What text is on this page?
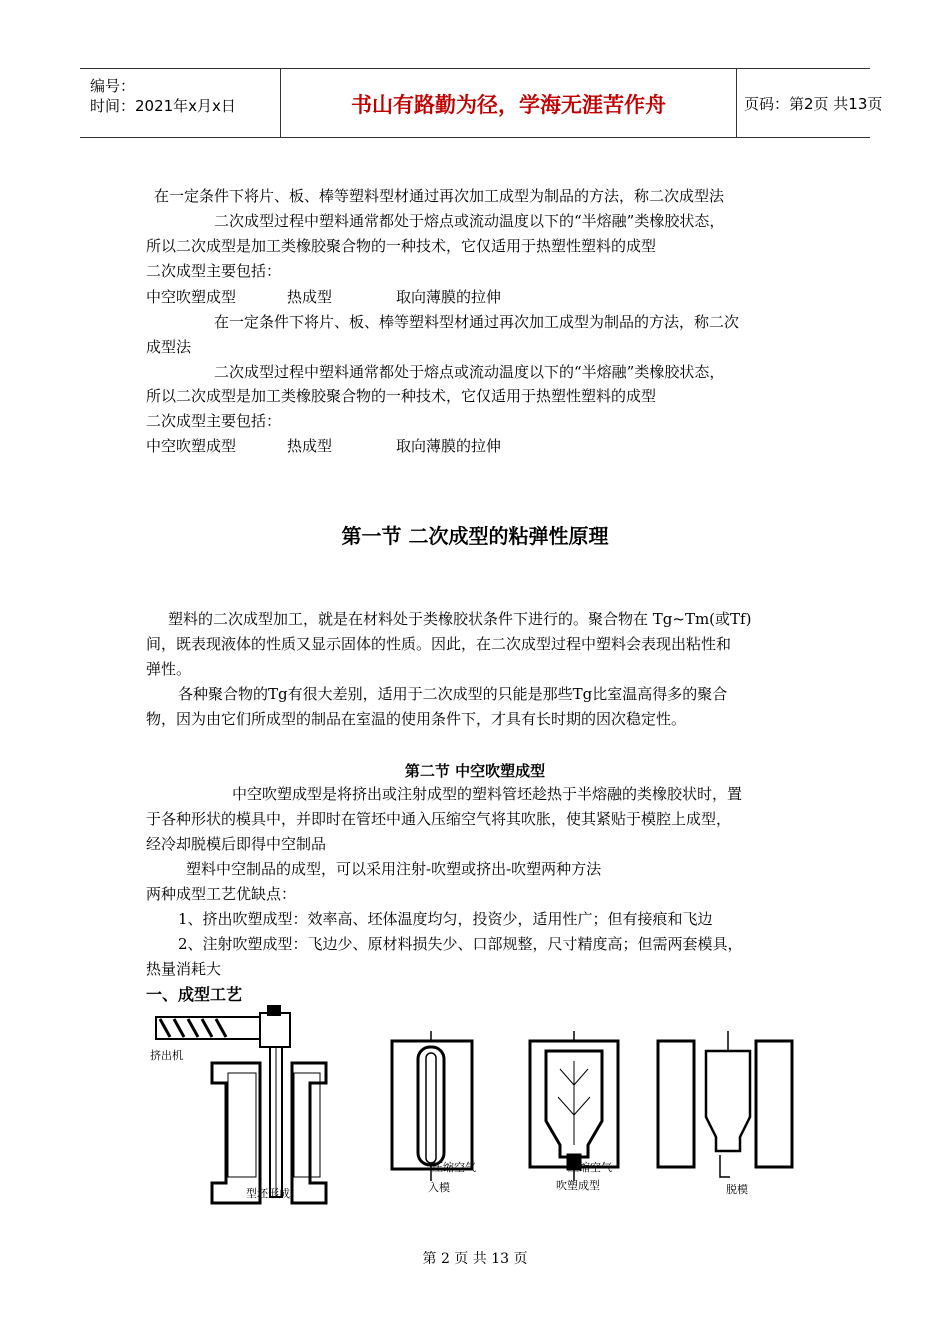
编号：
时间：2021年x月x日	书山有路勤为径，学海无涯苦作舟	页码：第2页 共13页
在一定条件下将片、板、棒等塑料型材通过再次加工成型为制品的方法，称二次成型法
二次成型过程中塑料通常都处于熔点或流动温度以下的“半熔融”类橡胶状态，
所以二次成型是加工类橡胶聚合物的一种技术，它仅适用于热塑性塑料的成型
二次成型主要包括：
中空吹塑成型	热成型	取向薄膜的拉伸
在一定条件下将片、板、棒等塑料型材通过再次加工成型为制品的方法，称二次
成型法
二次成型过程中塑料通常都处于熔点或流动温度以下的“半熔融”类橡胶状态，
所以二次成型是加工类橡胶聚合物的一种技术，它仅适用于热塑性塑料的成型
二次成型主要包括：
中空吹塑成型	热成型	取向薄膜的拉伸
第一节 二次成型的粘弹性原理
塑料的二次成型加工，就是在材料处于类橡胶状条件下进行的。聚合物在 Tg~Tm(或Tf)
间，既表现液体的性质又显示固体的性质。因此，在二次成型过程中塑料会表现出粘性和
弹性。
各种聚合物的Tg有很大差别，适用于二次成型的只能是那些Tg比室温高得多的聚合
物，因为由它们所成型的制品在室温的使用条件下，才具有长时期的因次稳定性。
第二节 中空吹塑成型
中空吹塑成型是将挤出或注射成型的塑料管坯趁热于半熔融的类橡胶状时，置
于各种形状的模具中，并即时在管坯中通入压缩空气将其吹胀，使其紧贴于模腔上成型，
经冷却脱模后即得中空制品
塑料中空制品的成型，可以采用注射-吹塑或挤出-吹塑两种方法
两种成型工艺优缺点：
1、挤出吹塑成型：效率高、坯体温度均匀，投资少，适用性广；但有接痕和飞边
2、注射吹塑成型：飞边少、原材料损失少、口部规整，尺寸精度高；但需两套模具，
热量消耗大
一、成型工艺
挤出机
型坯形成
压缩空气
入模
压缩空气
吹塑成型	脱模
第 2 页 共 13 页
